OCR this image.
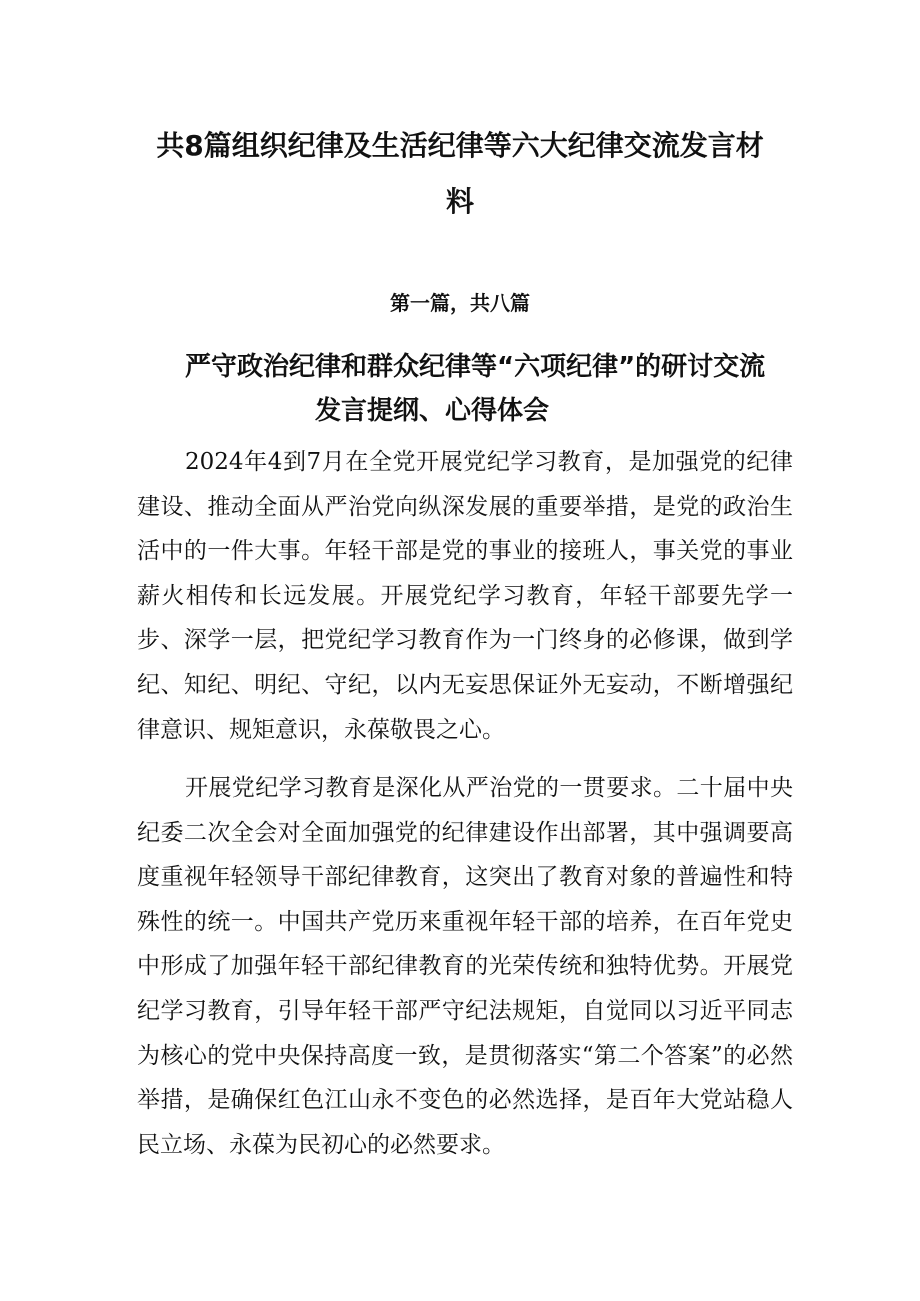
共8篇组织纪律及生活纪律等六大纪律交流发言材
料
第一篇，共八篇
严守政治纪律和群众纪律等“六项纪律”的研讨交流
发言提纲、心得体会

2024年4到7月在全党开展党纪学习教育，是加强党的纪律建设、推动全面从严治党向纵深发展的重要举措，是党的政治生活中的一件大事。年轻干部是党的事业的接班人，事关党的事业薪火相传和长远发展。开展党纪学习教育，年轻干部要先学一步、深学一层，把党纪学习教育作为一门终身的必修课，做到学纪、知纪、明纪、守纪，以内无妄思保证外无妄动，不断增强纪律意识、规矩意识，永葆敬畏之心。

开展党纪学习教育是深化从严治党的一贯要求。二十届中央纪委二次全会对全面加强党的纪律建设作出部署，其中强调要高度重视年轻领导干部纪律教育，这突出了教育对象的普遍性和特殊性的统一。中国共产党历来重视年轻干部的培养，在百年党史中形成了加强年轻干部纪律教育的光荣传统和独特优势。开展党纪学习教育，引导年轻干部严守纪法规矩，自觉同以习近平同志为核心的党中央保持高度一致，是贯彻落实“第二个答案”的必然举措，是确保红色江山永不变色的必然选择，是百年大党站稳人民立场、永葆为民初心的必然要求。
